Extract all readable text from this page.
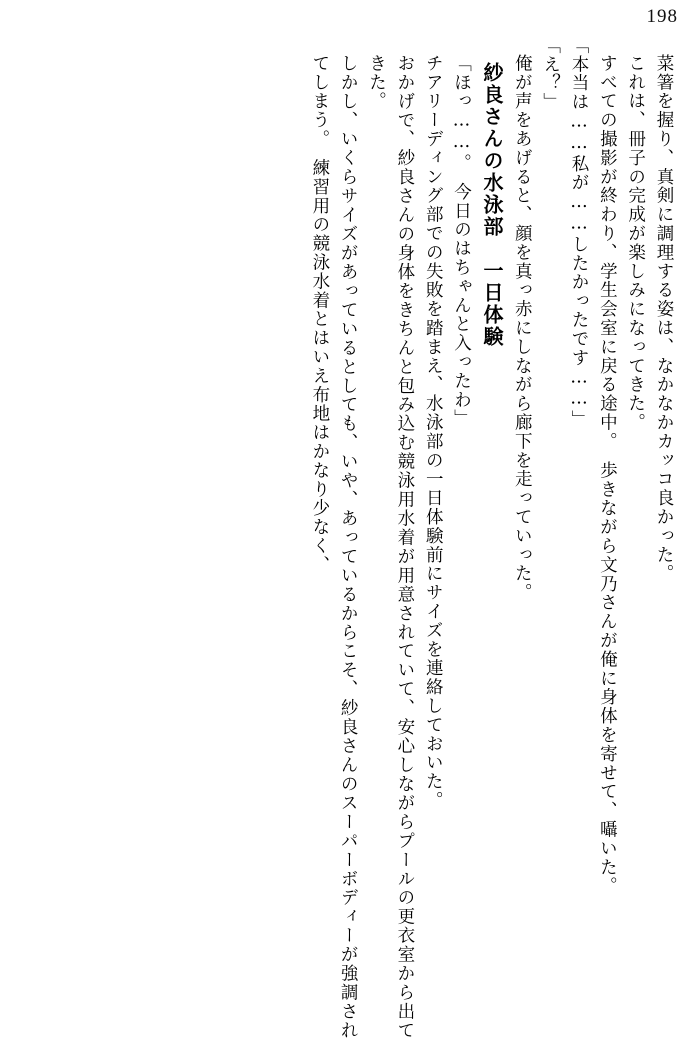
198

菜箸を握り、真剣に調理する姿は、なかなかカッコ良かった。

これは、冊子の完成が楽しみになってきた。

すべての撮影が終わり、学生会室に戻る途中。　歩きながら文乃さんが俺に身体を寄せて、囁いた。

「本当は……私が……したかったです……」

「え？」

俺が声をあげると、顔を真っ赤にしながら廊下を走っていった。

紗良さんの水泳部　一日体験

「ほっ……。　今日のはちゃんと入ったわ」

チアリーディング部での失敗を踏まえ、水泳部の一日体験前にサイズを連絡しておいた。

おかげで、紗良さんの身体をきちんと包み込む競泳用水着が用意されていて、安心しながらプールの更衣室から出てきた。

しかし、いくらサイズがあっているとしても、いや、あっているからこそ、紗良さんのスーパーボディーが強調されてしまう。　練習用の競泳水着とはいえ布地はかなり少なく、
